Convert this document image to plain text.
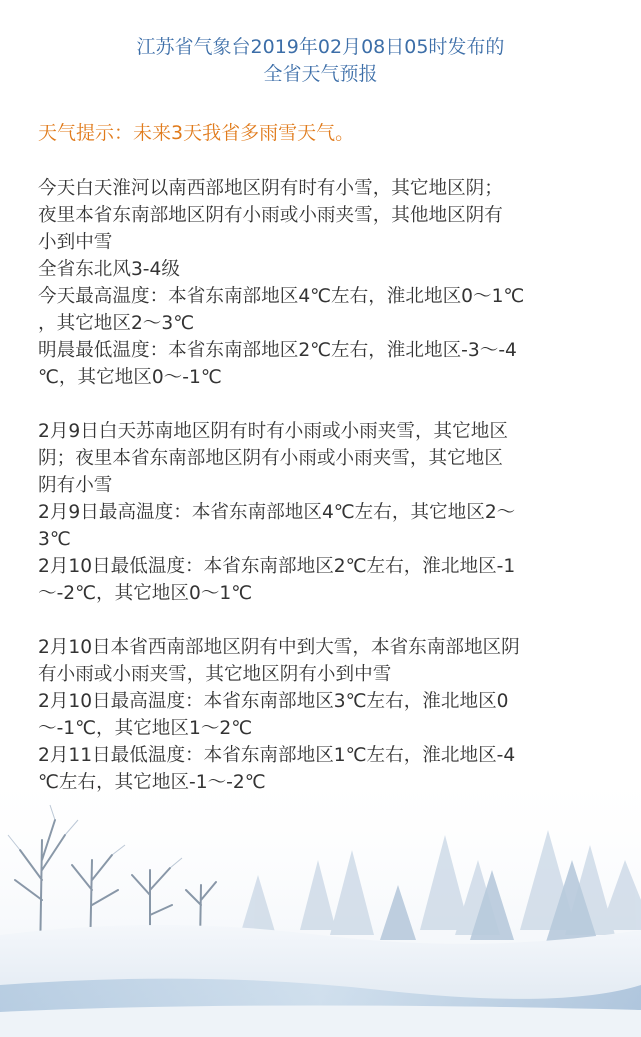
江苏省气象台2019年02月08日05时发布的
全省天气预报
天气提示：未来3天我省多雨雪天气。
今天白天淮河以南西部地区阴有时有小雪，其它地区阴；
夜里本省东南部地区阴有小雨或小雨夹雪，其他地区阴有
小到中雪
全省东北风3-4级
今天最高温度：本省东南部地区4℃左右，淮北地区0～1℃
，其它地区2～3℃
明晨最低温度：本省东南部地区2℃左右，淮北地区-3～-4
℃，其它地区0～-1℃
2月9日白天苏南地区阴有时有小雨或小雨夹雪，其它地区
阴；夜里本省东南部地区阴有小雨或小雨夹雪，其它地区
阴有小雪
2月9日最高温度：本省东南部地区4℃左右，其它地区2～
3℃
2月10日最低温度：本省东南部地区2℃左右，淮北地区-1
～-2℃，其它地区0～1℃
2月10日本省西南部地区阴有中到大雪，本省东南部地区阴
有小雨或小雨夹雪，其它地区阴有小到中雪
2月10日最高温度：本省东南部地区3℃左右，淮北地区0
～-1℃，其它地区1～2℃
2月11日最低温度：本省东南部地区1℃左右，淮北地区-4
℃左右，其它地区-1～-2℃
